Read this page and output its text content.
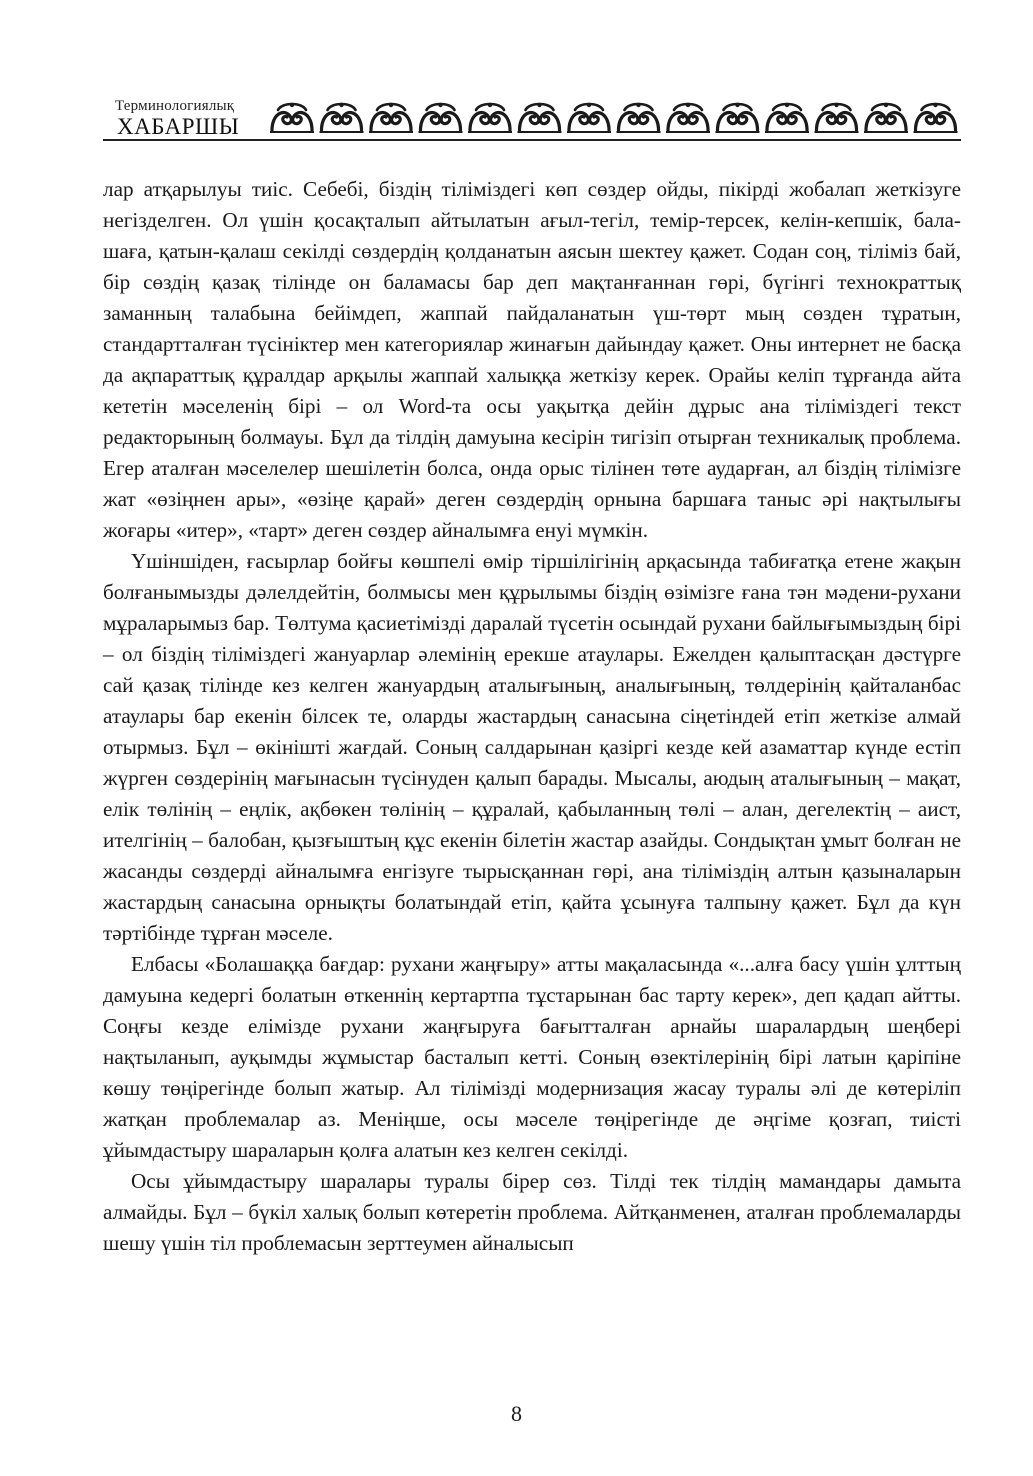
Терминологиялық
ХАБАРШЫ

лар атқарылуы тиіс. Себебі, біздің тіліміздегі көп сөздер ойды, пікірді жобалап жеткізуге негізделген. Ол үшін қосақталып айтылатын ағыл-тегіл, темір-терсек, келін-кепшік, бала-шаға, қатын-қалаш секілді сөздердің қолданатын аясын шектеу қажет. Содан соң, тіліміз бай, бір сөздің қазақ тілінде он баламасы бар деп мақтанғаннан гөрі, бүгінгі технократтық заманның талабына бейімдеп, жаппай пайдаланатын үш-төрт мың сөзден тұратын, стандартталған түсініктер мен категориялар жинағын дайындау қажет. Оны интернет не басқа да ақпараттық құралдар арқылы жаппай халыққа жеткізу керек. Орайы келіп тұрғанда айта кететін мәселенің бірі – ол Word-та осы уақытқа дейін дұрыс ана тіліміздегі текст редакторының болмауы. Бұл да тілдің дамуына кесірін тигізіп отырған техникалық проблема. Егер аталған мәселелер шешілетін болса, онда орыс тілінен төте аударған, ал біздің тілімізге жат «өзіңнен ары», «өзіңе қарай» деген сөздердің орнына баршаға таныс әрі нақтылығы жоғары «итер», «тарт» деген сөздер айналымға енуі мүмкін.

Үшіншіден, ғасырлар бойғы көшпелі өмір тіршілігінің арқасында табиғатқа етене жақын болғанымызды дәлелдейтін, болмысы мен құрылымы біздің өзімізге ғана тән мәдени-рухани мұраларымыз бар. Төлтума қасиетімізді даралай түсетін осындай рухани байлығымыздың бірі – ол біздің тіліміздегі жануарлар әлемінің ерекше атаулары. Ежелден қалыптасқан дәстүрге сай қазақ тілінде кез келген жануардың аталығының, аналығының, төлдерінің қайталанбас атаулары бар екенін білсек те, оларды жастардың санасына сіңетіндей етіп жеткізе алмай отырмыз. Бұл – өкінішті жағдай. Соның салдарынан қазіргі кезде кей азаматтар күнде естіп жүрген сөздерінің мағынасын түсінуден қалып барады. Мысалы, аюдың аталығының – мақат, елік төлінің – еңлік, ақбөкен төлінің – құралай, қабыланның төлі – алан, дегелектің – аист, ителгінің – балобан, қызғыштың құс екенін білетін жастар азайды. Сондықтан ұмыт болған не жасанды сөздерді айналымға енгізуге тырысқаннан гөрі, ана тіліміздің алтын қазыналарын жастардың санасына орнықты болатындай етіп, қайта ұсынуға талпыну қажет. Бұл да күн тәртібінде тұрған мәселе.

Елбасы «Болашаққа бағдар: рухани жаңғыру» атты мақаласында «...алға басу үшін ұлттың дамуына кедергі болатын өткеннің кертартпа тұстарынан бас тарту керек», деп қадап айтты. Соңғы кезде елімізде рухани жаңғыруға бағытталған арнайы шаралардың шеңбері нақтыланып, ауқымды жұмыстар басталып кетті. Соның өзектілерінің бірі латын қаріпіне көшу төңірегінде болып жатыр. Ал тілімізді модернизация жасау туралы әлі де көтеріліп жатқан проблемалар аз. Меніңше, осы мәселе төңірегінде де әңгіме қозғап, тиісті ұйымдастыру шараларын қолға алатын кез келген секілді.

Осы ұйымдастыру шаралары туралы бірер сөз. Тілді тек тілдің мамандары дамыта алмайды. Бұл – бүкіл халық болып көтеретін проблема. Айтқанменен, аталған проблемаларды шешу үшін тіл проблемасын зерттеумен айналысып

8
